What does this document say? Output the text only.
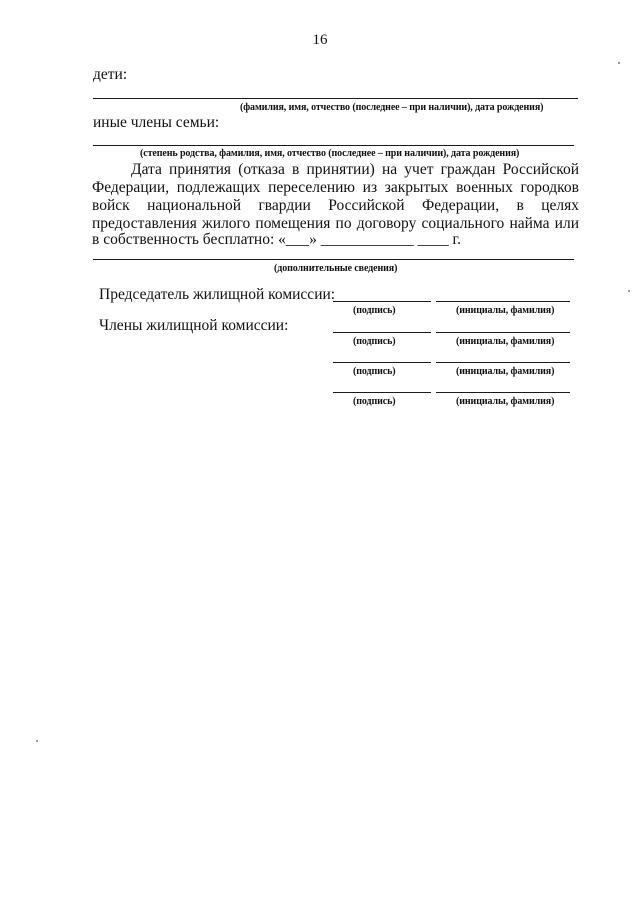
16
дети:
(фамилия, имя, отчество (последнее – при наличии), дата рождения)
иные члены семьи:
(степень родства, фамилия, имя, отчество (последнее – при наличии), дата рождения)
Дата принятия (отказа в принятии) на учет граждан Российской
Федерации, подлежащих переселению из закрытых военных городков
войск национальной гвардии Российской Федерации, в целях
предоставления жилого помещения по договору социального найма или
в собственность бесплатно: «___» ____________ ____ г.
(дополнительные сведения)
Председатель жилищной комиссии:
(подпись)	(инициалы, фамилия)
Члены жилищной комиссии:
(подпись)	(инициалы, фамилия)
(подпись)	(инициалы, фамилия)
(подпись)	(инициалы, фамилия)
